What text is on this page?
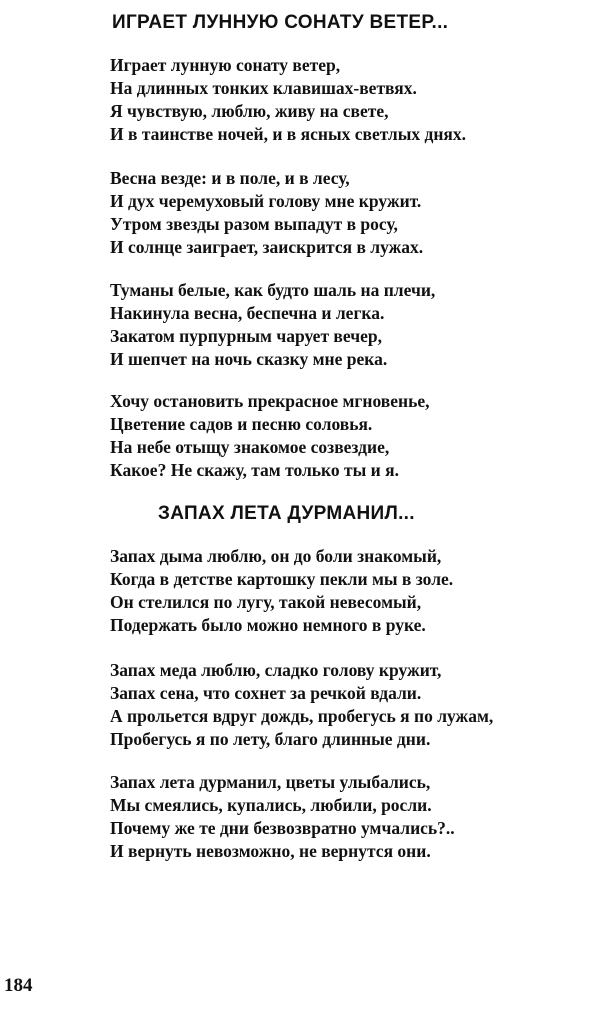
ИГРАЕТ ЛУННУЮ СОНАТУ ВЕТЕР...
Играет лунную сонату ветер,
На длинных тонких клавишах-ветвях.
Я чувствую, люблю, живу на свете,
И в таинстве ночей, и в ясных светлых днях.
Весна везде: и в поле, и в лесу,
И дух черемуховый голову мне кружит.
Утром звезды разом выпадут в росу,
И солнце заиграет, заискрится в лужах.
Туманы белые, как будто шаль на плечи,
Накинула весна, беспечна и легка.
Закатом пурпурным чарует вечер,
И шепчет на ночь сказку мне река.
Хочу остановить прекрасное мгновенье,
Цветение садов и песню соловья.
На небе отыщу знакомое созвездие,
Какое? Не скажу, там только ты и я.
ЗАПАХ ЛЕТА ДУРМАНИЛ...
Запах дыма люблю, он до боли знакомый,
Когда в детстве картошку пекли мы в золе.
Он стелился по лугу, такой невесомый,
Подержать было можно немного в руке.
Запах меда люблю, сладко голову кружит,
Запах сена, что сохнет за речкой вдали.
А прольется вдруг дождь, пробегусь я по лужам,
Пробегусь я по лету, благо длинные дни.
Запах лета дурманил, цветы улыбались,
Мы смеялись, купались, любили, росли.
Почему же те дни безвозвратно умчались?..
И вернуть невозможно, не вернутся они.

184
